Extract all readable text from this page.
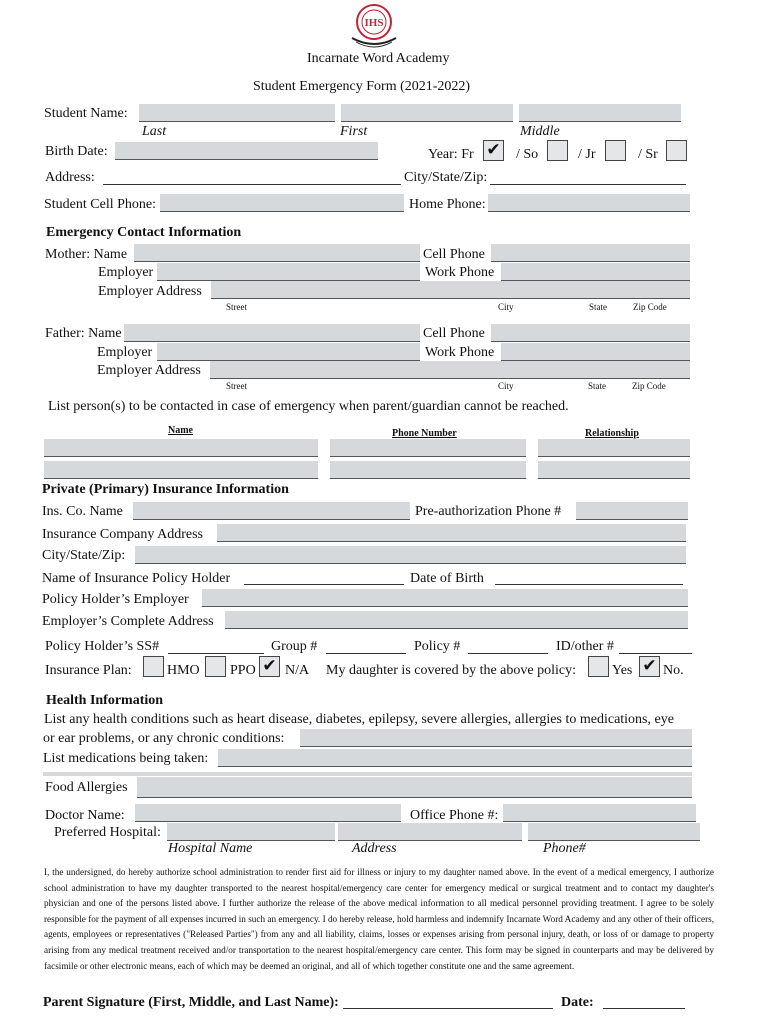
IHS
Incarnate Word Academy
Student Emergency Form (2021-2022)
Student Name:
Last	First	Middle
Birth Date:	Year: Fr ✔ / So	/ Jr	/ Sr
Address:	City/State/Zip:
Student Cell Phone:	Home Phone:
Emergency Contact Information
Mother: Name	Cell Phone
Employer	Work Phone
Employer Address
Street	City	State	Zip Code
Father: Name	Cell Phone
Employer	Work Phone
Employer Address
Street	City	State	Zip Code
List person(s) to be contacted in case of emergency when parent/guardian cannot be reached.
Name	Phone Number	Relationship
Private (Primary) Insurance Information
Ins. Co. Name	Pre-authorization Phone #
Insurance Company Address
City/State/Zip:
Name of Insurance Policy Holder	Date of Birth
Policy Holder’s Employer
Employer’s Complete Address
Policy Holder’s SS#	Group #	Policy #	ID/other #
Insurance Plan:	HMO PPO ✔ N/A My daughter is covered by the above policy:	Yes ✔ No.
Health Information
List any health conditions such as heart disease, diabetes, epilepsy, severe allergies, allergies to medications, eye
or ear problems, or any chronic conditions:
List medications being taken:
Food Allergies
Doctor Name:	Office Phone #:
Preferred Hospital:
Hospital Name	Address	Phone#
I, the undersigned, do hereby authorize school administration to render first aid for illness or injury to my daughter named above. In the event of a medical emergency, I authorize school administration to have my daughter transported to the nearest hospital/emergency care center for emergency medical or surgical treatment and to contact my daughter's physician and one of the persons listed above. I further authorize the release of the above medical information to all medical personnel providing treatment. I agree to be solely responsible for the payment of all expenses incurred in such an emergency. I do hereby release, hold harmless and indemnify Incarnate Word Academy and any other of their officers, agents, employees or representatives ("Released Parties") from any and all liability, claims, losses or expenses arising from personal injury, death, or loss of or damage to property arising from any medical treatment received and/or transportation to the nearest hospital/emergency care center. This form may be signed in counterparts and may be delivered by facsimile or other electronic means, each of which may be deemed an original, and all of which together constitute one and the same agreement.
Parent Signature (First, Middle, and Last Name):	Date:
